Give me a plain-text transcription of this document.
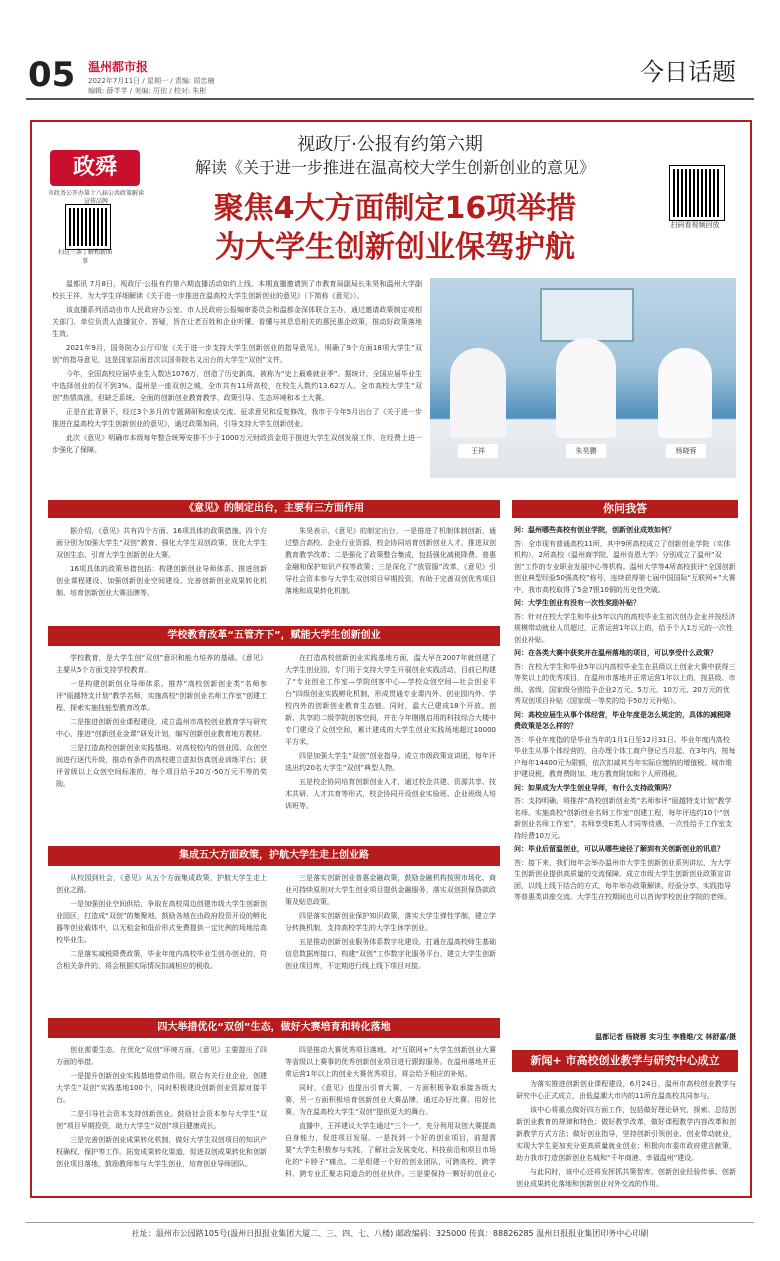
05 温州都市报
2022年7月11日 / 星期一 / 责编: 周忠楠
编辑: 薛芊芊 / 美编: 厉依 / 校对: 朱彬
今日话题
政舜
市政务公开办第十八届公共政策解读宣传品牌
扫这三条了解和新闻事
视政厅·公报有约第六期
解读《关于进一步推进在温高校大学生创新创业的意见》
聚焦4大方面制定16项举措
为大学生创新创业保驾护航
扫码看视频回放

温都讯 7月8日，视政厅·公报有约第六期直播活动如约上线。本期直播邀请到了市教育局副局长朱昊和温州大学副校长王祥，为大学生详细解读《关于进一步推进在温高校大学生创新创业的意见》（下简称《意见》）。

该直播系列活动由市人民政府办公室、市人民政府公报编审委员会和温都金深体联合主办，通过邀请政策制定或相关部门、单位负责人直播宣介、答疑，旨在让老百姓和企业听懂、看懂与其息息相关的惠民惠企政策，推动好政策落地生效。

2021年9月，国务院办公厅印发《关于进一步支持大学生创新创业的指导意见》，明确了9个方面18项大学生“双创”的指导意见，这是国家层面首次以国务院名义出台的大学生“双创”文件。

今年，全国高校应届毕业生人数达1076万，创造了历史新高，被称为“史上最难就业季”。据统计，全国应届毕业生中选择创业的仅不到3%。温州是一座双创之城，全市共有11所高校，在校生人数约13.62万人。全市高校大学生“双创”热情高涨，但缺乏系统、全面的创新创业教育教学、政策引导、生态环境和本土大赛。

正是在此背景下，经过3个多月的专题调研和座谈交流、征求意见和反复修改，我市于今年5月出台了《关于进一步推进在温高校大学生创新创业的意见》，通过政策加码，引导支持大学生创新创业。

此次《意见》明确市本级每年整合统筹安排不少于1000万元财政资金用于推进大学生双创发展工作，在经费上进一步强化了保障。	王祥	朱昊鹏	杨晓蓉
《意见》的制定出台，主要有三方面作用

据介绍，《意见》共有四个方面、16项具体的政策措施。四个方面分别为加强大学生“双创”教育、强化大学生双创政策、优化大学生双创生态、引育大学生创新创业大赛。

16项具体的政策举措包括：构建创新创业导师体系、推进创新创业课程建设、加强创新创业空间建设、完善创新创业成果转化机制、培育创新创业大赛品牌等。

朱昊表示，《意见》的制定出台，一是推进了机制体制创新，通过整合高校、企业行业资源，校企协同培育创新创业人才，推进双创教育教学改革；二是强化了政策整合集成，包括强化减税降费、普惠金融和保护知识产权等政策；三是深化了“放管服”改革，《意见》引导社会资本参与大学生双创项目早期投资，有助于完善双创优秀项目落地和成果转化机制。

学校教育改革“五管齐下”，赋能大学生创新创业

学校教育，是大学生创“双创”意识和能力培养的基础。《意见》主要从5个方面支持学校教育。

一是构建创新创业导师体系。推荐“高校创新创业类”名师参评“瓯越特支计划”教学名师，实施高校“创新创业名师工作室”创建工程，探索实施技能型教育改革。

二是推进创新创业课程建设，成立温州市高校创业教育学与研究中心，推进“创新创业金课”研发计划，编写创新创业教育地方教材。

三是打造高校创新创业实践基地。对高校校内的创业园、众创空间进行逐代升级，推动有条件的高校建立虚拟仿真创业训练平台；获评省级以上众创空间标准的，每个项目给予20万-50万元不等的奖励。

在打造高校创新创业实践基地方面，温大早在2007年就创建了大学生创业园，专门用于支持大学生开展创业实践活动，目前已构建了“专业创业工作室—学院创客中心—学校众创空间—社会创业平台”四级创业实践孵化机制，形成贯通专业课内外、创业园内外、学校内外的创新创业教育生态链。同时，温大已建成18个开放、创新、共享的二级学院创客空间，并在今年刚刚启用的科技综合大楼中专门建设了众创空间，累计建成的大学生创业实践场地超过10000平方米。

四是加强大学生“双创”创业指导。成立市级政策宣讲团，每年评选出约20名大学生“双创”典型人物。

五是校企协同培育创新创业人才，通过校企共建、资源共享、技术共研、人才共育等形式，校企协同开设创业实验班、企业班级人培训班等。

集成五大方面政策，护航大学生走上创业路

从校园到社会，《意见》从五个方面集成政策，护航大学生走上创业之路。

一是加强创业空间供给，争取在高校周边创建市级大学生创新创业园区，打造成“双创”的集聚地，鼓励各地在由政府投资开设的孵化器等创业载体中，以无租金和低价形式免费提供一定比例的场地给高校毕业生。

二是落实减税降费政策，毕业年度内高校毕业生创办创业的，符合相关条件的，将会根据实际情况扣减相应的税收。

三是落实创新创业普惠金融政策，鼓励金融机构按照市场化、商业可持续原则对大学生创业项目提供金融服务，落实双创担保贷款政策及贴息政策。

四是落实创新创业保护知识政策，落实大学生弹性学制，建立学分转换机制，支持高校学生的大学生休学创业。

五是推动创新创业服务体系数字化建设，打通在温高校师生基础信息数据库接口，构建“双创”工作数字化服务平台，建立大学生创新创业项目库，不定期进行线上线下项目对接。

四大举措优化“双创”生态，做好大赛培育和转化落地

创业需要生态，在优化“双创”环境方面，《意见》主要提出了四方面的举措。

一是提升创新创业实践基地带动作用。联合有关行业企业，创建大学生“双创”实践基地100个，同时积极建设创新创业资源对接平台。

二是引导社会资本支持创新创业。鼓励社会资本参与大学生“双创”项目早期投资，助力大学生“双创”项目健康成长。

三是完善创新创业成果转化机制，做好大学生双创项目的知识产权确权、保护等工作。拓宽成果转化渠道，促进双创成果转化和创新创业项目落地，鼓励教师参与大学生创业，培育创业导师团队。

四是推动大赛优秀项目落地。对“互联网+”大学生创新创业大赛等省级以上赛事的优秀创新创业项目进行跟踪服务。在温州落地并正常运营1年以上的创业大赛优秀项目，将会给予相应的补贴。

同时，《意见》也提出引育大赛，一方面积极争取承接各级大赛，另一方面积极培育创新创业大赛品牌，通过办好比赛、用好比赛，为在温高校大学生“双创”提供更大的舞台。

直播中，王祥建议大学生通过“三个一”，充分利用双创大赛提高自身能力，促进项目发展。一是找到一个好的创业项目，前提需要“大学生积极参与实践，了解社会发展变化、科技前沿和项目市场化的“卡脖子”痛点。二是组建一个好的创业团队，可跨高校、跨学科、跨专业汇聚志同道合的创业伙伴。三是要保持一颗好的创业心

你问我答

问：温州哪些高校有创业学院，创新创业成效如何？

答：全市现有普通高校11所，其中9所高校成立了创新创业学院（实体机构），2所高校（温州商学院、温州肯恩大学）分别成立了温州“双创”工作的专业职业发展中心等机构。温州大学等4所高校获评“全国创新创业典型经验50强高校”称号，连续获得第七届中国国际“互联网+”大赛中，我市高校取得了5金7银10铜的历史性突破。

问：大学生创业有没有一次性奖励补贴？

答：针对在校大学生和毕业5年以内的高校毕业生初次创办企业并按经济规模带动就业人员超过，正常运营1年以上的，给予个人1万元的一次性创业补贴。

问：在各类大赛中获奖并在温州落地的项目，可以享受什么政策？

答：在校大学生和毕业5年以内高校毕业生在县级以上创业大赛中获得三等奖以上的优秀项目，在温州市落地并正常运营1年以上的，按县级、市级、省级、国家级分别给予企业2万元、5万元、10万元、20万元的优秀双创项目补贴（国家级一等奖的给予50万元补贴）。

问：高校应届生从事个体经营，毕业年度是怎么规定的，具体的减税降费政策是怎么样的？

答：毕业年度指的是毕业当年的1月1日至12月31日。毕业年度内高校毕业生从事个体经营的，自办理个体工商户登记当月起，在3年内，按每户每年14400元为限额，依次扣减其当年实际应缴纳的增值税、城市维护建设税、教育费附加、地方教育附加和个人所得税。

问：如果成为大学生创业导师，有什么支持政策吗？

答：支持明确，将推荐“高校创新创业类”名师参评“瓯越特支计划”教学名师。实施高校“创新创业名师工作室”创建工程，每年评选约10个“创新创业名师工作室”，名师享受E类人才同等待遇，一次性给予工作室支持经费10万元。

问：毕业后留温创业，可以从哪些途径了解到有关创新创业的讯息？

答：接下来，我们每年会举办温州市大学生创新创业系列讲坛，为大学生创新创业提供高质量的交流保障。成立市级大学生创新创业政策宣讲团，以线上线下结合的方式，每年举办政策解读、经验分享、实践指导等普惠类讲座交流。大学生在校期间也可以咨询学校创业学院的老师。

温都记者 杨晓蓉 实习生 李雅维/文 林舒嘉/摄
新闻+ 市高校创业教学与研究中心成立

为落实推进创新创业课程建设，6月24日，温州市高校创业教学与研究中心正式成立，由低温潮大市内的11所在温高校共同参与。

该中心将重点做好四方面工作，包括做好理论研究，探索、总结创新创业教育的规律和特色；做好教学改革，做好课程教学内容改革和创新教学方式方法；做好创业指导，坚持创新引领创业、创业带动就业，实现大学生更加充分更高质量就业创业；积极向市委市政府建言献策，助力我市打造创新创业名城和“千年商港、幸福温州”建设。

与此同时，该中心还将发挥抓共策智库、创新创业经验传承、创新创业成果转化落地和创新创业对外交流的作用。

社址：温州市公园路105号(温州日报报业集团大厦二、三、四、七、八楼) 邮政编码：325000 传真：88826285 温州日报报业集团印务中心印刷
